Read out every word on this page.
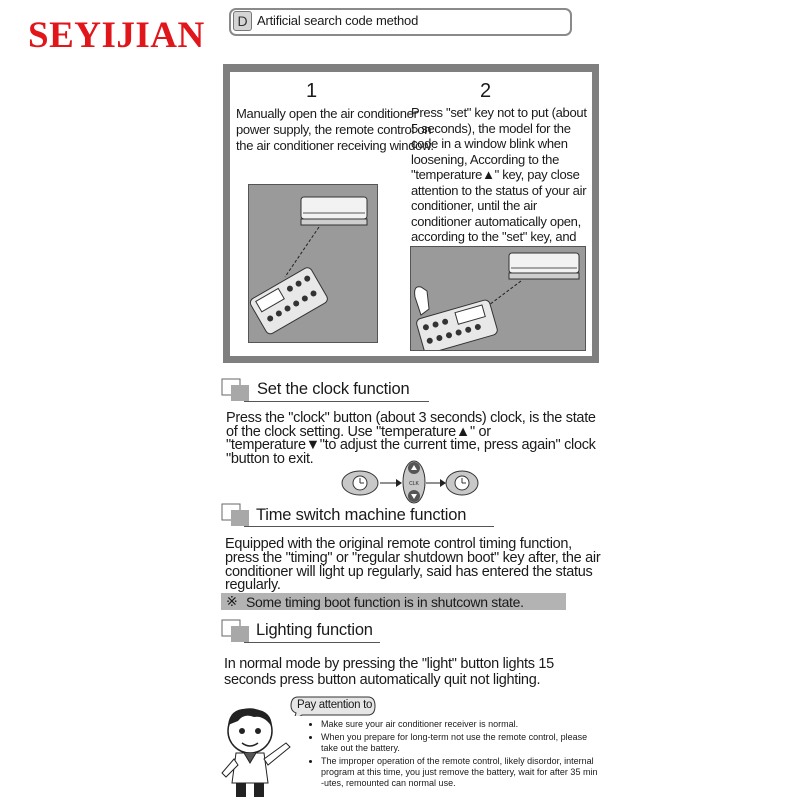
SEYIJIAN	D Artificial search code method
1	2
Manually open the air conditioner power supply, the remote control on the air conditioner receiving window.
Press "set" key not to put (about 5 seconds), the model for the code in a window blink when loosening, According to the "temperature▲" key, pay close attention to the status of your air conditioner, until the air conditioner automatically open, according to the "set" key, and
Set the clock function
Press the "clock" button (about 3 seconds) clock, is the state of the clock setting. Use "temperature▲" or "temperature▼"to adjust the current time, press again" clock "button to exit.
CLK
Time switch machine function
Equipped with the original remote control timing function, press the "timing" or "regular shutdown boot" key after, the air conditioner will light up regularly, said has entered the status regularly.
※ Some timing boot function is in shutcown state.
Lighting function
In normal mode by pressing the "light" button lights 15 seconds press button automatically quit not lighting.
Pay attention to
• Make sure your air conditioner receiver is normal.
• When you prepare for long-term not use the remote control, please take out the battery.
• The improper operation of the remote control, likely disordor, internal program at this time, you just remove the battery, wait for after 35 min -utes, remounted can normal use.
